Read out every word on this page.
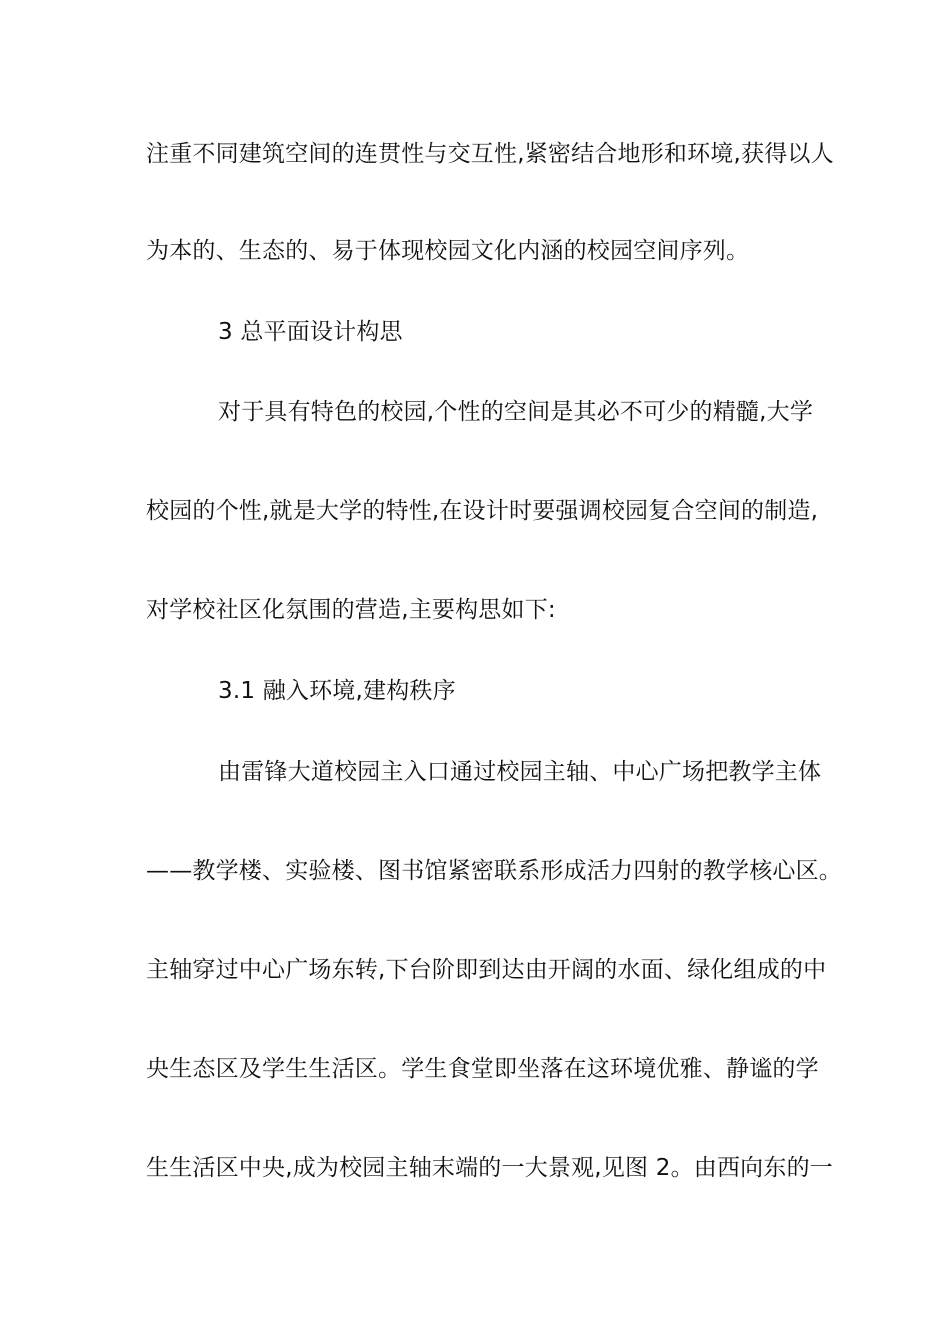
注重不同建筑空间的连贯性与交互性,紧密结合地形和环境,获得以人
为本的、生态的、易于体现校园文化内涵的校园空间序列。
3 总平面设计构思
对于具有特色的校园,个性的空间是其必不可少的精髓,大学
校园的个性,就是大学的特性,在设计时要强调校园复合空间的制造,
对学校社区化氛围的营造,主要构思如下:
3.1 融入环境,建构秩序
由雷锋大道校园主入口通过校园主轴、中心广场把教学主体
——教学楼、实验楼、图书馆紧密联系形成活力四射的教学核心区。
主轴穿过中心广场东转,下台阶即到达由开阔的水面、绿化组成的中
央生态区及学生生活区。学生食堂即坐落在这环境优雅、静谧的学
生生活区中央,成为校园主轴末端的一大景观,见图 2。由西向东的一
